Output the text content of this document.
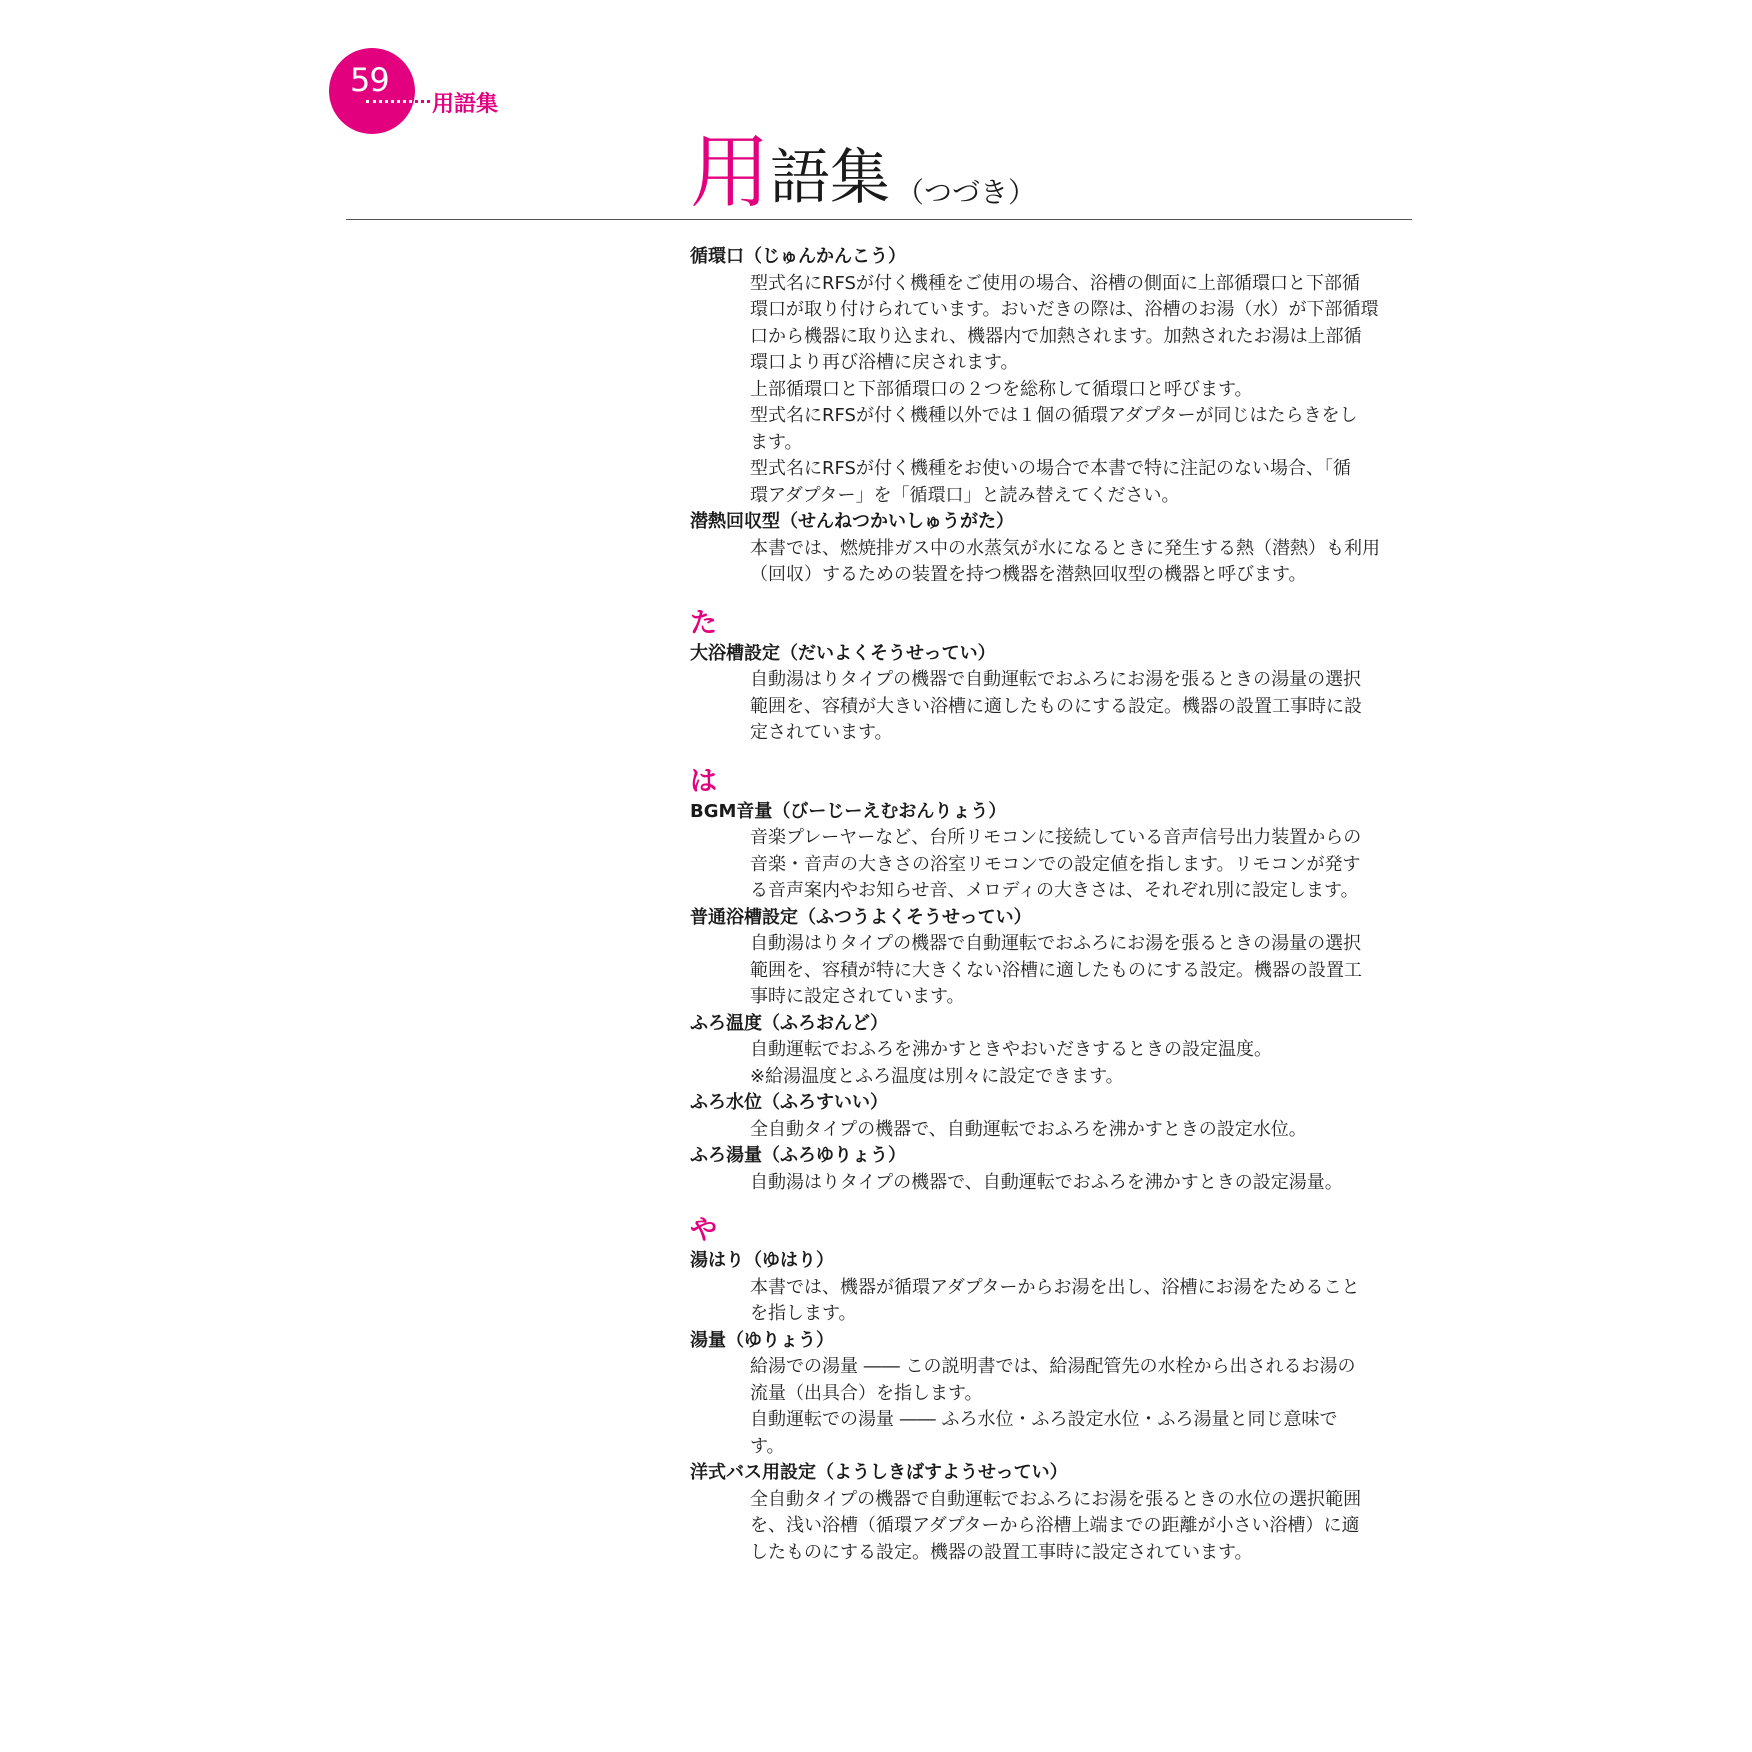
59
用語集
用語集 （つづき）

循環口（じゅんかんこう）

型式名にRFSが付く機種をご使用の場合、浴槽の側面に上部循環口と下部循

環口が取り付けられています。おいだきの際は、浴槽のお湯（水）が下部循環

口から機器に取り込まれ、機器内で加熱されます。加熱されたお湯は上部循

環口より再び浴槽に戻されます。

上部循環口と下部循環口の２つを総称して循環口と呼びます。

型式名にRFSが付く機種以外では１個の循環アダプターが同じはたらきをし

ます。

型式名にRFSが付く機種をお使いの場合で本書で特に注記のない場合、「循

環アダプター」を「循環口」と読み替えてください。

潜熱回収型（せんねつかいしゅうがた）

本書では、燃焼排ガス中の水蒸気が水になるときに発生する熱（潜熱）も利用

（回収）するための装置を持つ機器を潜熱回収型の機器と呼びます。

た

大浴槽設定（だいよくそうせってい）

自動湯はりタイプの機器で自動運転でおふろにお湯を張るときの湯量の選択

範囲を、容積が大きい浴槽に適したものにする設定。機器の設置工事時に設

定されています。

は

BGM音量（びーじーえむおんりょう）

音楽プレーヤーなど、台所リモコンに接続している音声信号出力装置からの

音楽・音声の大きさの浴室リモコンでの設定値を指します。リモコンが発す

る音声案内やお知らせ音、メロディの大きさは、それぞれ別に設定します。

普通浴槽設定（ふつうよくそうせってい）

自動湯はりタイプの機器で自動運転でおふろにお湯を張るときの湯量の選択

範囲を、容積が特に大きくない浴槽に適したものにする設定。機器の設置工

事時に設定されています。

ふろ温度（ふろおんど）

自動運転でおふろを沸かすときやおいだきするときの設定温度。

※給湯温度とふろ温度は別々に設定できます。

ふろ水位（ふろすいい）

全自動タイプの機器で、自動運転でおふろを沸かすときの設定水位。

ふろ湯量（ふろゆりょう）

自動湯はりタイプの機器で、自動運転でおふろを沸かすときの設定湯量。

や

湯はり（ゆはり）

本書では、機器が循環アダプターからお湯を出し、浴槽にお湯をためること

を指します。

湯量（ゆりょう）

給湯での湯量 ―― この説明書では、給湯配管先の水栓から出されるお湯の

流量（出具合）を指します。

自動運転での湯量 ―― ふろ水位・ふろ設定水位・ふろ湯量と同じ意味で

す。

洋式バス用設定（ようしきばすようせってい）

全自動タイプの機器で自動運転でおふろにお湯を張るときの水位の選択範囲

を、浅い浴槽（循環アダプターから浴槽上端までの距離が小さい浴槽）に適

したものにする設定。機器の設置工事時に設定されています。
